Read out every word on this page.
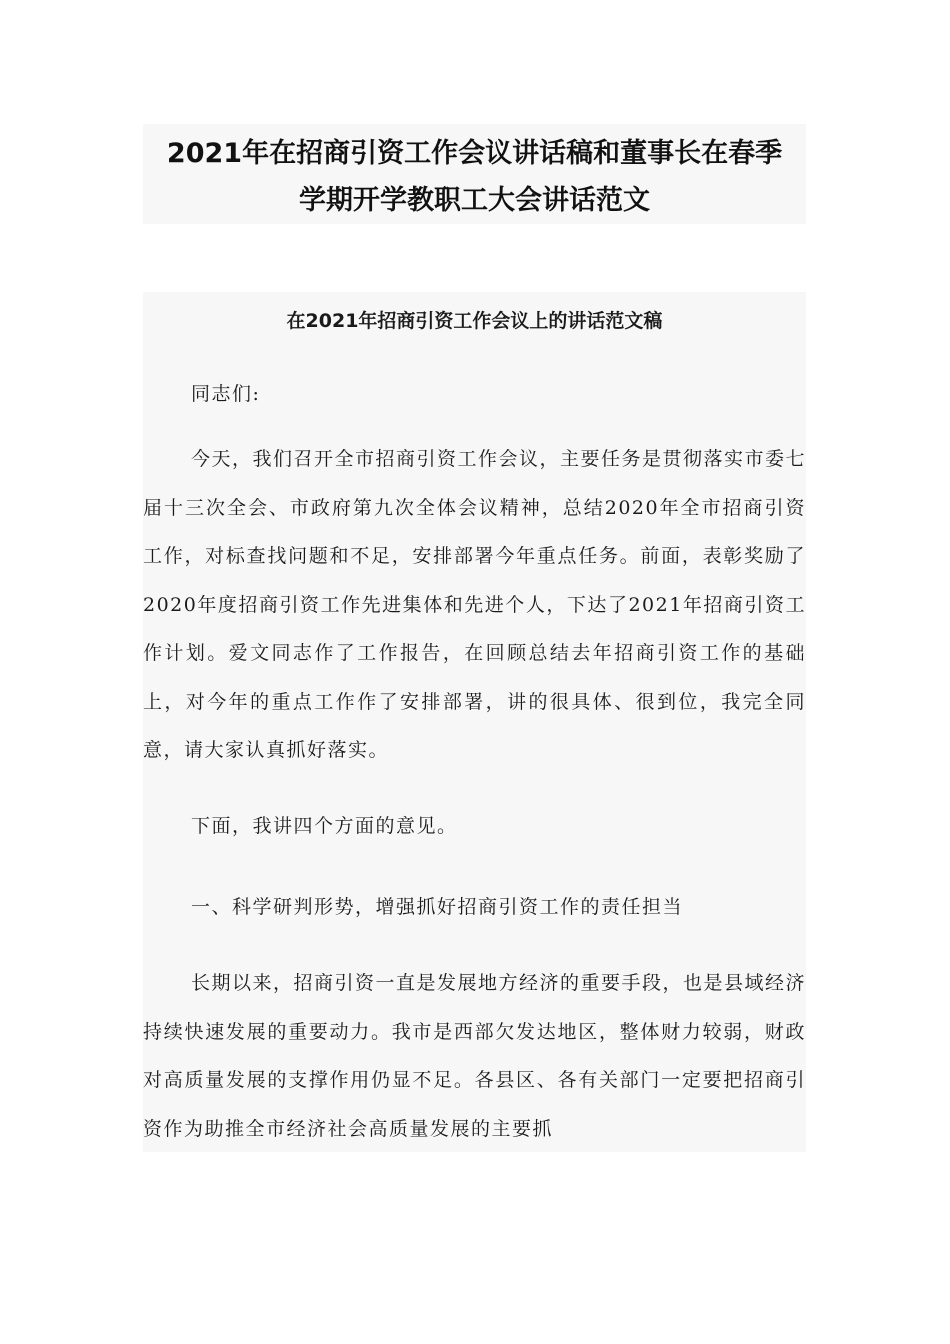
2021年在招商引资工作会议讲话稿和董事长在春季
学期开学教职工大会讲话范文
在2021年招商引资工作会议上的讲话范文稿

同志们:

今天，我们召开全市招商引资工作会议，主要任务是贯彻落实市委七届十三次全会、市政府第九次全体会议精神，总结2020年全市招商引资工作，对标查找问题和不足，安排部署今年重点任务。前面，表彰奖励了2020年度招商引资工作先进集体和先进个人，下达了2021年招商引资工作计划。爱文同志作了工作报告，在回顾总结去年招商引资工作的基础上，对今年的重点工作作了安排部署，讲的很具体、很到位，我完全同意，请大家认真抓好落实。

下面，我讲四个方面的意见。

一、科学研判形势，增强抓好招商引资工作的责任担当

长期以来，招商引资一直是发展地方经济的重要手段，也是县域经济持续快速发展的重要动力。我市是西部欠发达地区，整体财力较弱，财政对高质量发展的支撑作用仍显不足。各县区、各有关部门一定要把招商引资作为助推全市经济社会高质量发展的主要抓
